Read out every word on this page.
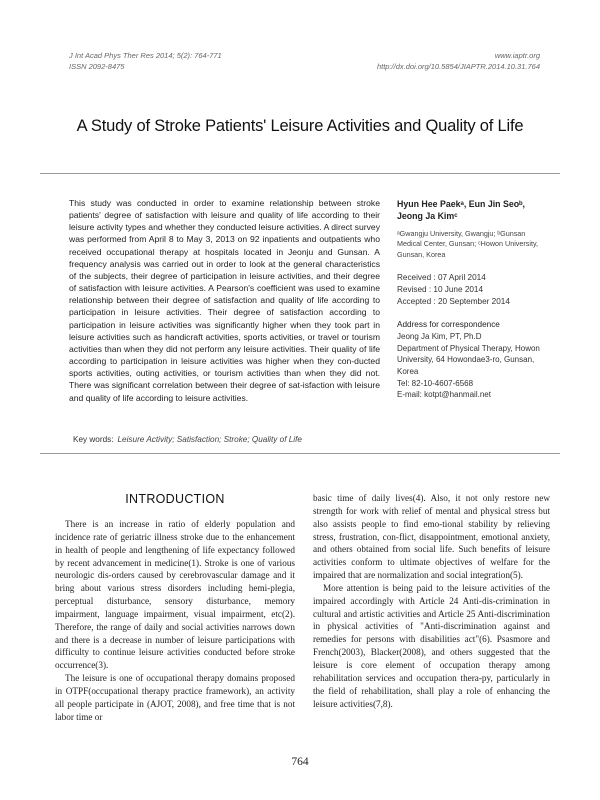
J Int Acad Phys Ther Res 2014; 5(2): 764-771
ISSN 2092-8475
www.iaptr.org
http://dx.doi.org/10.5854/JIAPTR.2014.10.31.764
A Study of Stroke Patients' Leisure Activities and Quality of Life

This study was conducted in order to examine relationship between stroke patients' degree of satisfaction with leisure and quality of life according to their leisure activity types and whether they conducted leisure activities. A direct survey was performed from April 8 to May 3, 2013 on 92 inpatients and outpatients who received occupational therapy at hospitals located in Jeonju and Gunsan. A frequency analysis was carried out in order to look at the general characteristics of the subjects, their degree of participation in leisure activities, and their degree of satisfaction with leisure activities. A Pearson's coefficient was used to examine relationship between their degree of satisfaction and quality of life according to participation in leisure activities. Their degree of satisfaction according to participation in leisure activities was significantly higher when they took part in leisure activities such as handicraft activities, sports activities, or travel or tourism activities than when they did not perform any leisure activities. Their quality of life according to participation in leisure activities was higher when they con-ducted sports activities, outing activities, or tourism activities than when they did not. There was significant correlation between their degree of sat-isfaction with leisure and quality of life according to leisure activities.

Hyun Hee Paekᵃ, Eun Jin Seoᵇ, Jeong Ja Kimᶜ

ᵃGwangju University, Gwangju; ᵇGunsan Medical Center, Gunsan; ᶜHowon University, Gunsan, Korea

Received : 07 April 2014
Revised : 10 June 2014
Accepted : 20 September 2014
Address for correspondence
Jeong Ja Kim, PT, Ph.D
Department of Physical Therapy, Howon University, 64 Howondae3-ro, Gunsan, Korea
Tel: 82-10-4607-6568
E-mail: kotpt@hanmail.net
Key words: Leisure Activity; Satisfaction; Stroke; Quality of Life
INTRODUCTION

There is an increase in ratio of elderly population and incidence rate of geriatric illness stroke due to the enhancement in health of people and lengthening of life expectancy followed by recent advancement in medicine(1). Stroke is one of various neurologic dis-orders caused by cerebrovascular damage and it bring about various stress disorders including hemi-plegia, perceptual disturbance, sensory disturbance, memory impairment, language impairment, visual impairment, etc(2). Therefore, the range of daily and social activities narrows down and there is a decrease in number of leisure participations with difficulty to continue leisure activities conducted before stroke occurrence(3).

The leisure is one of occupational therapy domains proposed in OTPF(occupational therapy practice framework), an activity all people participate in (AJOT, 2008), and free time that is not labor time or

basic time of daily lives(4). Also, it not only restore new strength for work with relief of mental and physical stress but also assists people to find emo-tional stability by relieving stress, frustration, con-flict, disappointment, emotional anxiety, and others obtained from social life. Such benefits of leisure activities conform to ultimate objectives of welfare for the impaired that are normalization and social integration(5).

More attention is being paid to the leisure activities of the impaired accordingly with Article 24 Anti-dis-crimination in cultural and artistic activities and Article 25 Anti-discrimination in physical activities of "Anti-discrimination against and remedies for persons with disabilities act"(6). Psasmore and French(2003), Blacker(2008), and others suggested that the leisure is core element of occupation therapy among rehabilitation services and occupation thera-py, particularly in the field of rehabilitation, shall play a role of enhancing the leisure activities(7,8).

764
